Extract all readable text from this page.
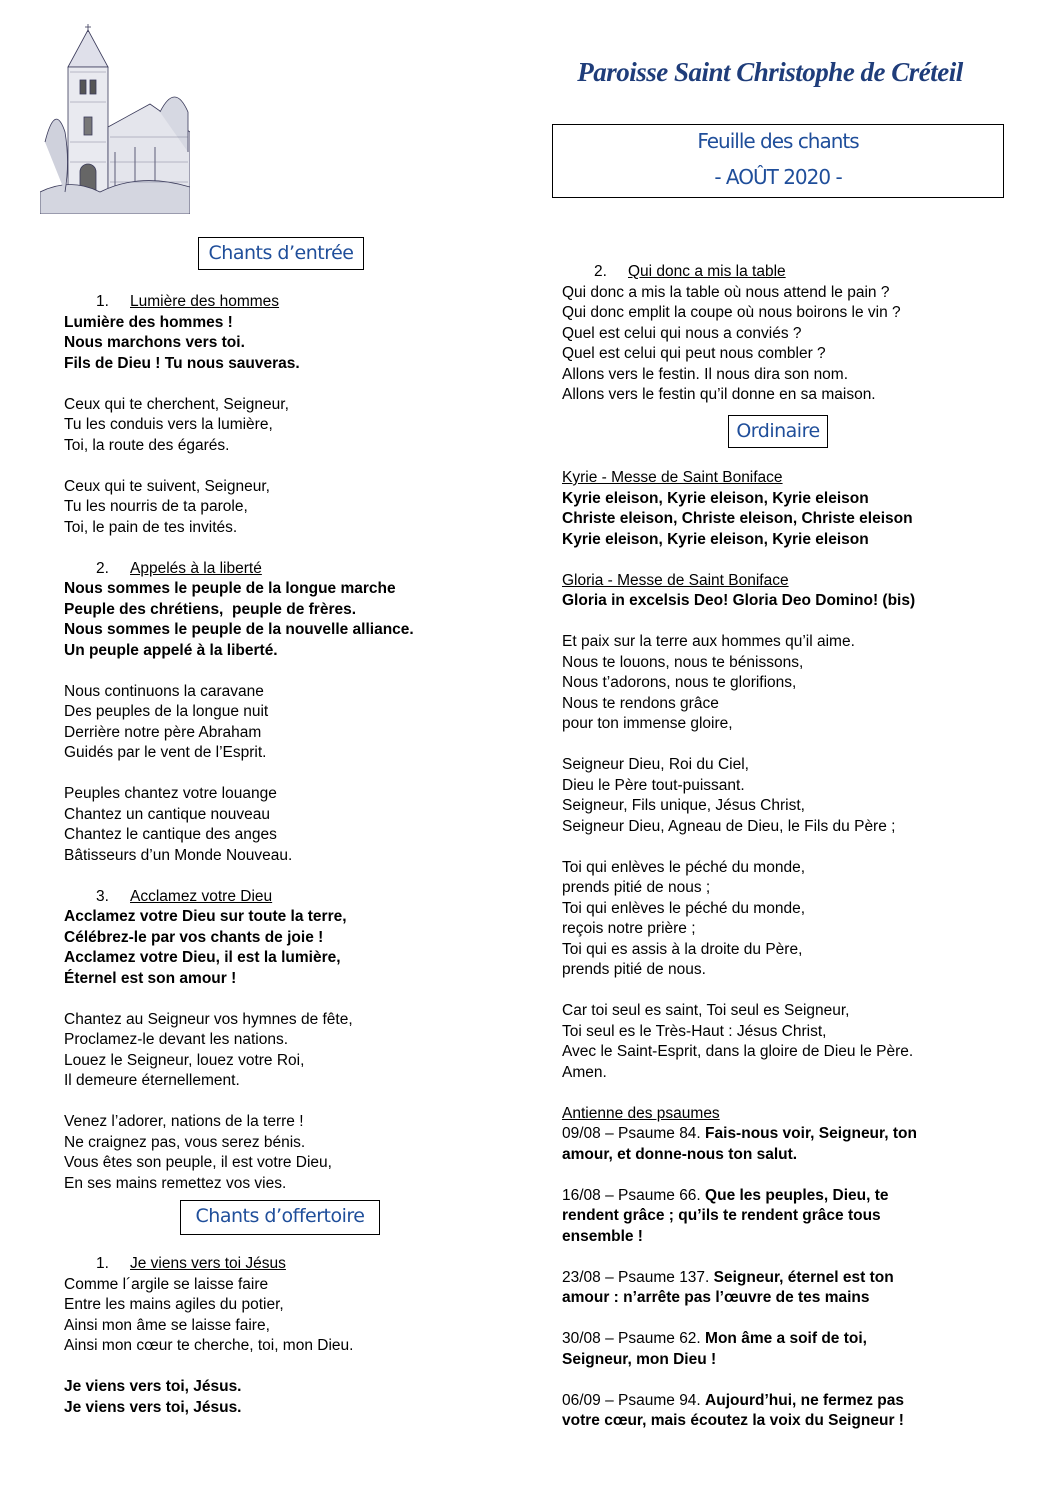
Paroisse Saint Christophe de Créteil
Feuille des chants
- AOÛT 2020 -
Chants d’entrée
Chants d’offertoire
Ordinaire
1. Lumière des hommes
Lumière des hommes !
Nous marchons vers toi.
Fils de Dieu ! Tu nous sauveras.
Ceux qui te cherchent, Seigneur,
Tu les conduis vers la lumière,
Toi, la route des égarés.
Ceux qui te suivent, Seigneur,
Tu les nourris de ta parole,
Toi, le pain de tes invités.
2. Appelés à la liberté
Nous sommes le peuple de la longue marche
Peuple des chrétiens,  peuple de frères.
Nous sommes le peuple de la nouvelle alliance.
Un peuple appelé à la liberté.
Nous continuons la caravane
Des peuples de la longue nuit
Derrière notre père Abraham
Guidés par le vent de l’Esprit.
Peuples chantez votre louange
Chantez un cantique nouveau
Chantez le cantique des anges
Bâtisseurs d’un Monde Nouveau.
3. Acclamez votre Dieu
Acclamez votre Dieu sur toute la terre,
Célébrez-le par vos chants de joie !
Acclamez votre Dieu, il est la lumière,
Éternel est son amour !
Chantez au Seigneur vos hymnes de fête,
Proclamez-le devant les nations.
Louez le Seigneur, louez votre Roi,
Il demeure éternellement.
Venez l’adorer, nations de la terre !
Ne craignez pas, vous serez bénis.
Vous êtes son peuple, il est votre Dieu,
En ses mains remettez vos vies.
1. Je viens vers toi Jésus
Comme l´argile se laisse faire
Entre les mains agiles du potier,
Ainsi mon âme se laisse faire,
Ainsi mon cœur te cherche, toi, mon Dieu.
Je viens vers toi, Jésus.
Je viens vers toi, Jésus.
2. Qui donc a mis la table
Qui donc a mis la table où nous attend le pain ?
Qui donc emplit la coupe où nous boirons le vin ?
Quel est celui qui nous a conviés ?
Quel est celui qui peut nous combler ?
Allons vers le festin. Il nous dira son nom.
Allons vers le festin qu’il donne en sa maison.
Kyrie - Messe de Saint Boniface
Kyrie eleison, Kyrie eleison, Kyrie eleison
Christe eleison, Christe eleison, Christe eleison
Kyrie eleison, Kyrie eleison, Kyrie eleison
Gloria - Messe de Saint Boniface
Gloria in excelsis Deo! Gloria Deo Domino! (bis)
Et paix sur la terre aux hommes qu’il aime.
Nous te louons, nous te bénissons,
Nous t’adorons, nous te glorifions,
Nous te rendons grâce
pour ton immense gloire,
Seigneur Dieu, Roi du Ciel,
Dieu le Père tout-puissant.
Seigneur, Fils unique, Jésus Christ,
Seigneur Dieu, Agneau de Dieu, le Fils du Père ;
Toi qui enlèves le péché du monde,
prends pitié de nous ;
Toi qui enlèves le péché du monde,
reçois notre prière ;
Toi qui es assis à la droite du Père,
prends pitié de nous.
Car toi seul es saint, Toi seul es Seigneur,
Toi seul es le Très-Haut : Jésus Christ,
Avec le Saint-Esprit, dans la gloire de Dieu le Père.
Amen.
Antienne des psaumes
09/08 – Psaume 84. Fais-nous voir, Seigneur, ton
amour, et donne-nous ton salut.
16/08 – Psaume 66. Que les peuples, Dieu, te
rendent grâce ; qu’ils te rendent grâce tous
ensemble !
23/08 – Psaume 137. Seigneur, éternel est ton
amour : n’arrête pas l’œuvre de tes mains
30/08 – Psaume 62. Mon âme a soif de toi,
Seigneur, mon Dieu !
06/09 – Psaume 94. Aujourd’hui, ne fermez pas
votre cœur, mais écoutez la voix du Seigneur !
